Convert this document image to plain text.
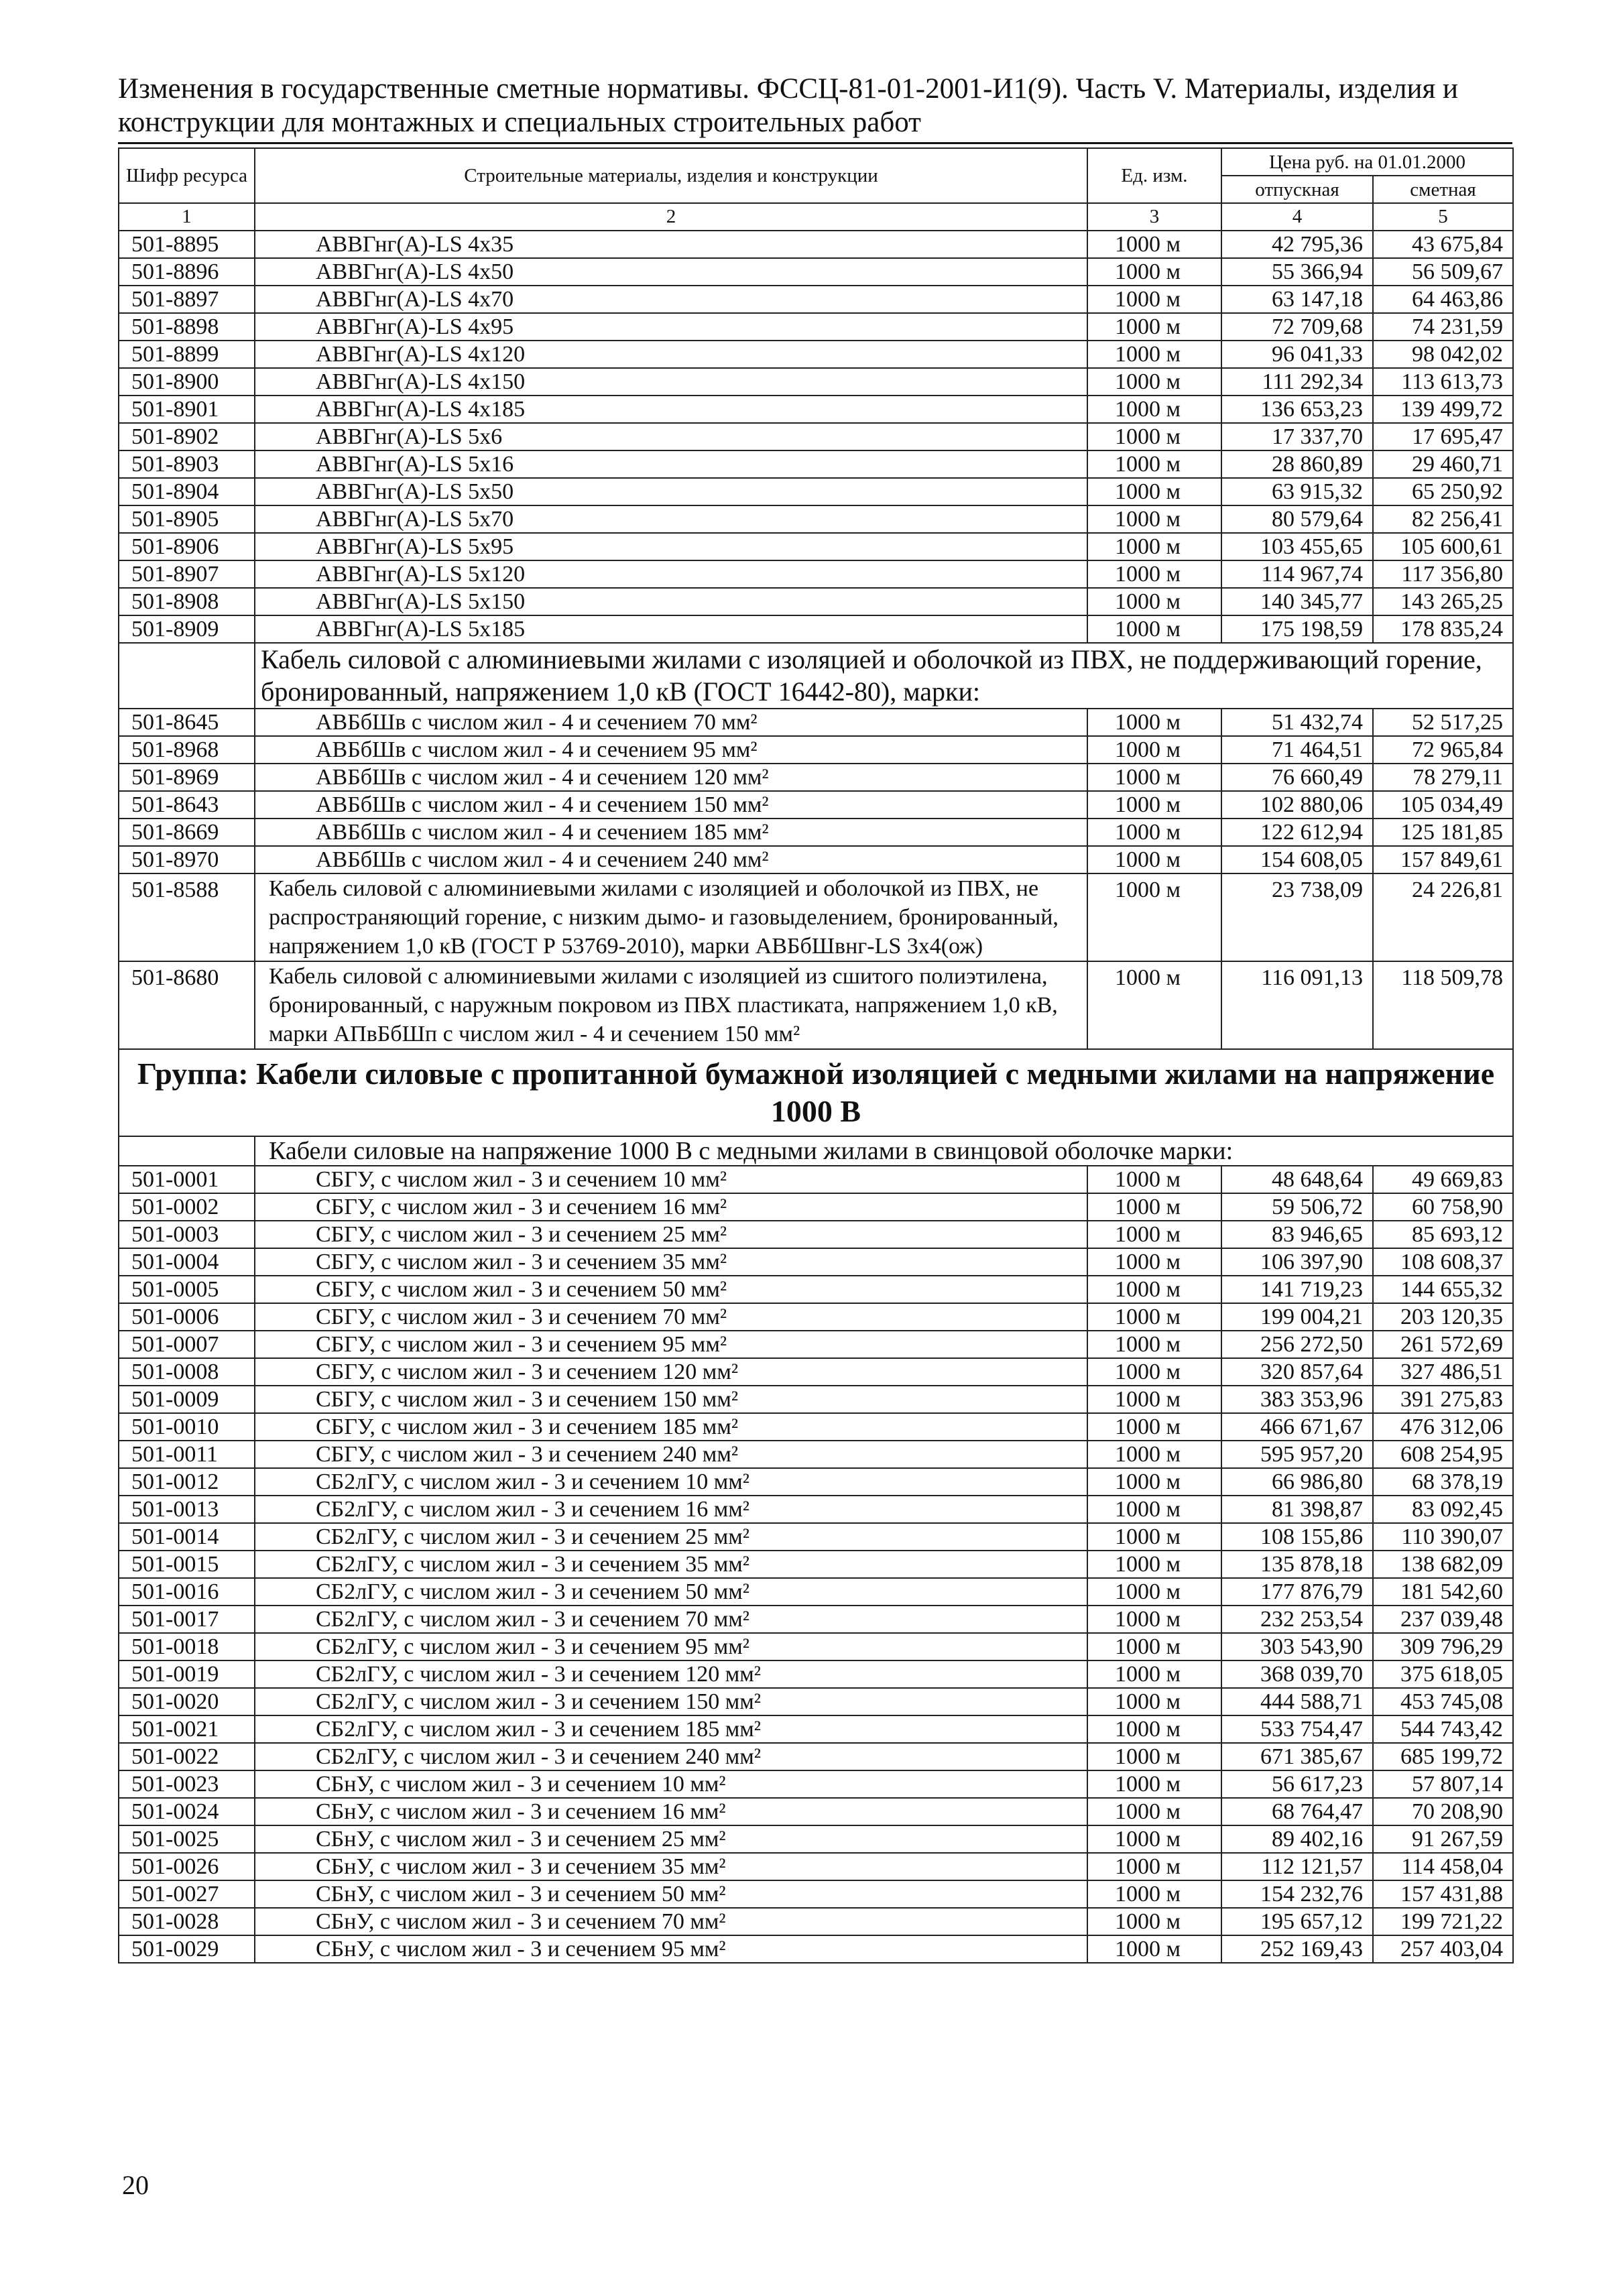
Изменения в государственные сметные нормативы. ФССЦ-81-01-2001-И1(9). Часть V. Материалы, изделия и конструкции для монтажных и специальных строительных работ
Шифр ресурса	Строительные материалы, изделия и конструкции	Ед. изм.	Цена руб. на 01.01.2000	
			отпускная	сметная
1	2	3	4	5
501-8895	АВВГнг(A)-LS 4x35	1000 м	42 795,36	43 675,84
501-8896	АВВГнг(A)-LS 4x50	1000 м	55 366,94	56 509,67
501-8897	АВВГнг(A)-LS 4x70	1000 м	63 147,18	64 463,86
501-8898	АВВГнг(A)-LS 4x95	1000 м	72 709,68	74 231,59
501-8899	АВВГнг(A)-LS 4x120	1000 м	96 041,33	98 042,02
501-8900	АВВГнг(A)-LS 4x150	1000 м	111 292,34	113 613,73
501-8901	АВВГнг(A)-LS 4x185	1000 м	136 653,23	139 499,72
501-8902	АВВГнг(A)-LS 5x6	1000 м	17 337,70	17 695,47
501-8903	АВВГнг(A)-LS 5x16	1000 м	28 860,89	29 460,71
501-8904	АВВГнг(A)-LS 5x50	1000 м	63 915,32	65 250,92
501-8905	АВВГнг(A)-LS 5x70	1000 м	80 579,64	82 256,41
501-8906	АВВГнг(A)-LS 5x95	1000 м	103 455,65	105 600,61
501-8907	АВВГнг(A)-LS 5x120	1000 м	114 967,74	117 356,80
501-8908	АВВГнг(A)-LS 5x150	1000 м	140 345,77	143 265,25
501-8909	АВВГнг(A)-LS 5x185	1000 м	175 198,59	178 835,24
	Кабель силовой с алюминиевыми жилами с изоляцией и оболочкой из ПВХ, не поддерживающий горение, бронированный, напряжением 1,0 кВ (ГОСТ 16442-80), марки:			
501-8645	АВБбШв с числом жил - 4 и сечением 70 мм²	1000 м	51 432,74	52 517,25
501-8968	АВБбШв с числом жил - 4 и сечением 95 мм²	1000 м	71 464,51	72 965,84
501-8969	АВБбШв с числом жил - 4 и сечением 120 мм²	1000 м	76 660,49	78 279,11
501-8643	АВБбШв с числом жил - 4 и сечением 150 мм²	1000 м	102 880,06	105 034,49
501-8669	АВБбШв с числом жил - 4 и сечением 185 мм²	1000 м	122 612,94	125 181,85
501-8970	АВБбШв с числом жил - 4 и сечением 240 мм²	1000 м	154 608,05	157 849,61
501-8588	Кабель силовой с алюминиевыми жилами с изоляцией и оболочкой из ПВХ, не распространяющий горение, с низким дымо- и газовыделением, бронированный, напряжением 1,0 кВ (ГОСТ Р 53769-2010), марки АВБбШвнг-LS 3x4(ож)	1000 м	23 738,09	24 226,81
501-8680	Кабель силовой с алюминиевыми жилами с изоляцией из сшитого полиэтилена, бронированный, с наружным покровом из ПВХ пластиката, напряжением 1,0 кВ, марки АПвБбШп с числом жил - 4 и сечением 150 мм²	1000 м	116 091,13	118 509,78
Группа: Кабели силовые с пропитанной бумажной изоляцией с медными жилами на напряжение 1000 В				
	Кабели силовые на напряжение 1000 В с медными жилами в свинцовой оболочке марки:			
501-0001	СБГУ, с числом жил - 3 и сечением 10 мм²	1000 м	48 648,64	49 669,83
501-0002	СБГУ, с числом жил - 3 и сечением 16 мм²	1000 м	59 506,72	60 758,90
501-0003	СБГУ, с числом жил - 3 и сечением 25 мм²	1000 м	83 946,65	85 693,12
501-0004	СБГУ, с числом жил - 3 и сечением 35 мм²	1000 м	106 397,90	108 608,37
501-0005	СБГУ, с числом жил - 3 и сечением 50 мм²	1000 м	141 719,23	144 655,32
501-0006	СБГУ, с числом жил - 3 и сечением 70 мм²	1000 м	199 004,21	203 120,35
501-0007	СБГУ, с числом жил - 3 и сечением 95 мм²	1000 м	256 272,50	261 572,69
501-0008	СБГУ, с числом жил - 3 и сечением 120 мм²	1000 м	320 857,64	327 486,51
501-0009	СБГУ, с числом жил - 3 и сечением 150 мм²	1000 м	383 353,96	391 275,83
501-0010	СБГУ, с числом жил - 3 и сечением 185 мм²	1000 м	466 671,67	476 312,06
501-0011	СБГУ, с числом жил - 3 и сечением 240 мм²	1000 м	595 957,20	608 254,95
501-0012	СБ2лГУ, с числом жил - 3 и сечением 10 мм²	1000 м	66 986,80	68 378,19
501-0013	СБ2лГУ, с числом жил - 3 и сечением 16 мм²	1000 м	81 398,87	83 092,45
501-0014	СБ2лГУ, с числом жил - 3 и сечением 25 мм²	1000 м	108 155,86	110 390,07
501-0015	СБ2лГУ, с числом жил - 3 и сечением 35 мм²	1000 м	135 878,18	138 682,09
501-0016	СБ2лГУ, с числом жил - 3 и сечением 50 мм²	1000 м	177 876,79	181 542,60
501-0017	СБ2лГУ, с числом жил - 3 и сечением 70 мм²	1000 м	232 253,54	237 039,48
501-0018	СБ2лГУ, с числом жил - 3 и сечением 95 мм²	1000 м	303 543,90	309 796,29
501-0019	СБ2лГУ, с числом жил - 3 и сечением 120 мм²	1000 м	368 039,70	375 618,05
501-0020	СБ2лГУ, с числом жил - 3 и сечением 150 мм²	1000 м	444 588,71	453 745,08
501-0021	СБ2лГУ, с числом жил - 3 и сечением 185 мм²	1000 м	533 754,47	544 743,42
501-0022	СБ2лГУ, с числом жил - 3 и сечением 240 мм²	1000 м	671 385,67	685 199,72
501-0023	СБнУ, с числом жил - 3 и сечением 10 мм²	1000 м	56 617,23	57 807,14
501-0024	СБнУ, с числом жил - 3 и сечением 16 мм²	1000 м	68 764,47	70 208,90
501-0025	СБнУ, с числом жил - 3 и сечением 25 мм²	1000 м	89 402,16	91 267,59
501-0026	СБнУ, с числом жил - 3 и сечением 35 мм²	1000 м	112 121,57	114 458,04
501-0027	СБнУ, с числом жил - 3 и сечением 50 мм²	1000 м	154 232,76	157 431,88
501-0028	СБнУ, с числом жил - 3 и сечением 70 мм²	1000 м	195 657,12	199 721,22
501-0029	СБнУ, с числом жил - 3 и сечением 95 мм²	1000 м	252 169,43	257 403,04
20
